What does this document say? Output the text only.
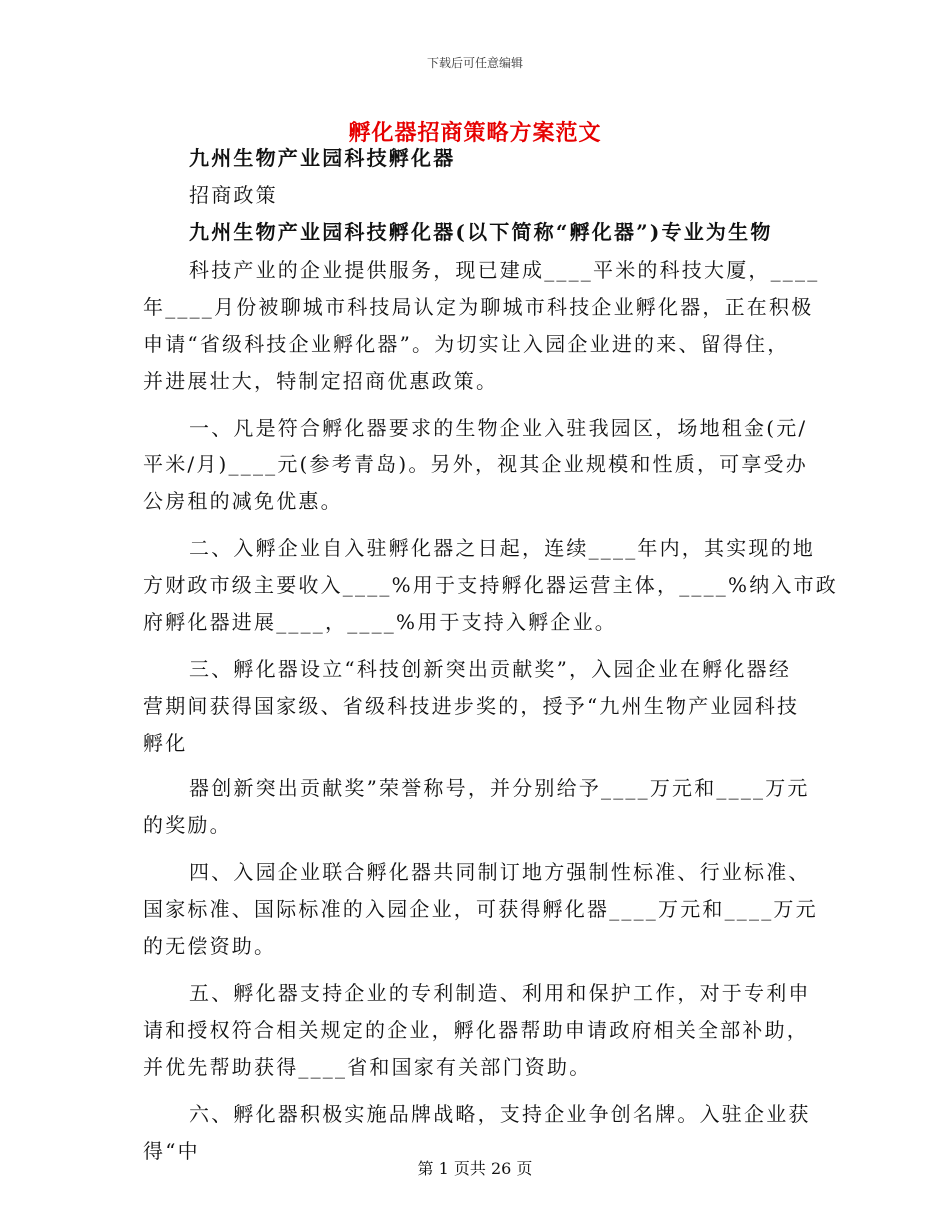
下载后可任意编辑
孵化器招商策略方案范文
九州生物产业园科技孵化器
招商政策
九州生物产业园科技孵化器(以下简称“孵化器”)专业为生物
科技产业的企业提供服务，现已建成____平米的科技大厦，____
年____月份被聊城市科技局认定为聊城市科技企业孵化器，正在积极
申请“省级科技企业孵化器”。为切实让入园企业进的来、留得住，
并进展壮大，特制定招商优惠政策。
一、凡是符合孵化器要求的生物企业入驻我园区，场地租金(元/
平米/月)____元(参考青岛)。另外，视其企业规模和性质，可享受办
公房租的减免优惠。
二、入孵企业自入驻孵化器之日起，连续____年内，其实现的地
方财政市级主要收入____%用于支持孵化器运营主体，____%纳入市政
府孵化器进展____，____%用于支持入孵企业。
三、孵化器设立“科技创新突出贡献奖”，入园企业在孵化器经
营期间获得国家级、省级科技进步奖的，授予“九州生物产业园科技
孵化
器创新突出贡献奖”荣誉称号，并分别给予____万元和____万元
的奖励。
四、入园企业联合孵化器共同制订地方强制性标准、行业标准、
国家标准、国际标准的入园企业，可获得孵化器____万元和____万元
的无偿资助。
五、孵化器支持企业的专利制造、利用和保护工作，对于专利申
请和授权符合相关规定的企业，孵化器帮助申请政府相关全部补助，
并优先帮助获得____省和国家有关部门资助。
六、孵化器积极实施品牌战略，支持企业争创名牌。入驻企业获
得“中
第 1 页共 26 页
